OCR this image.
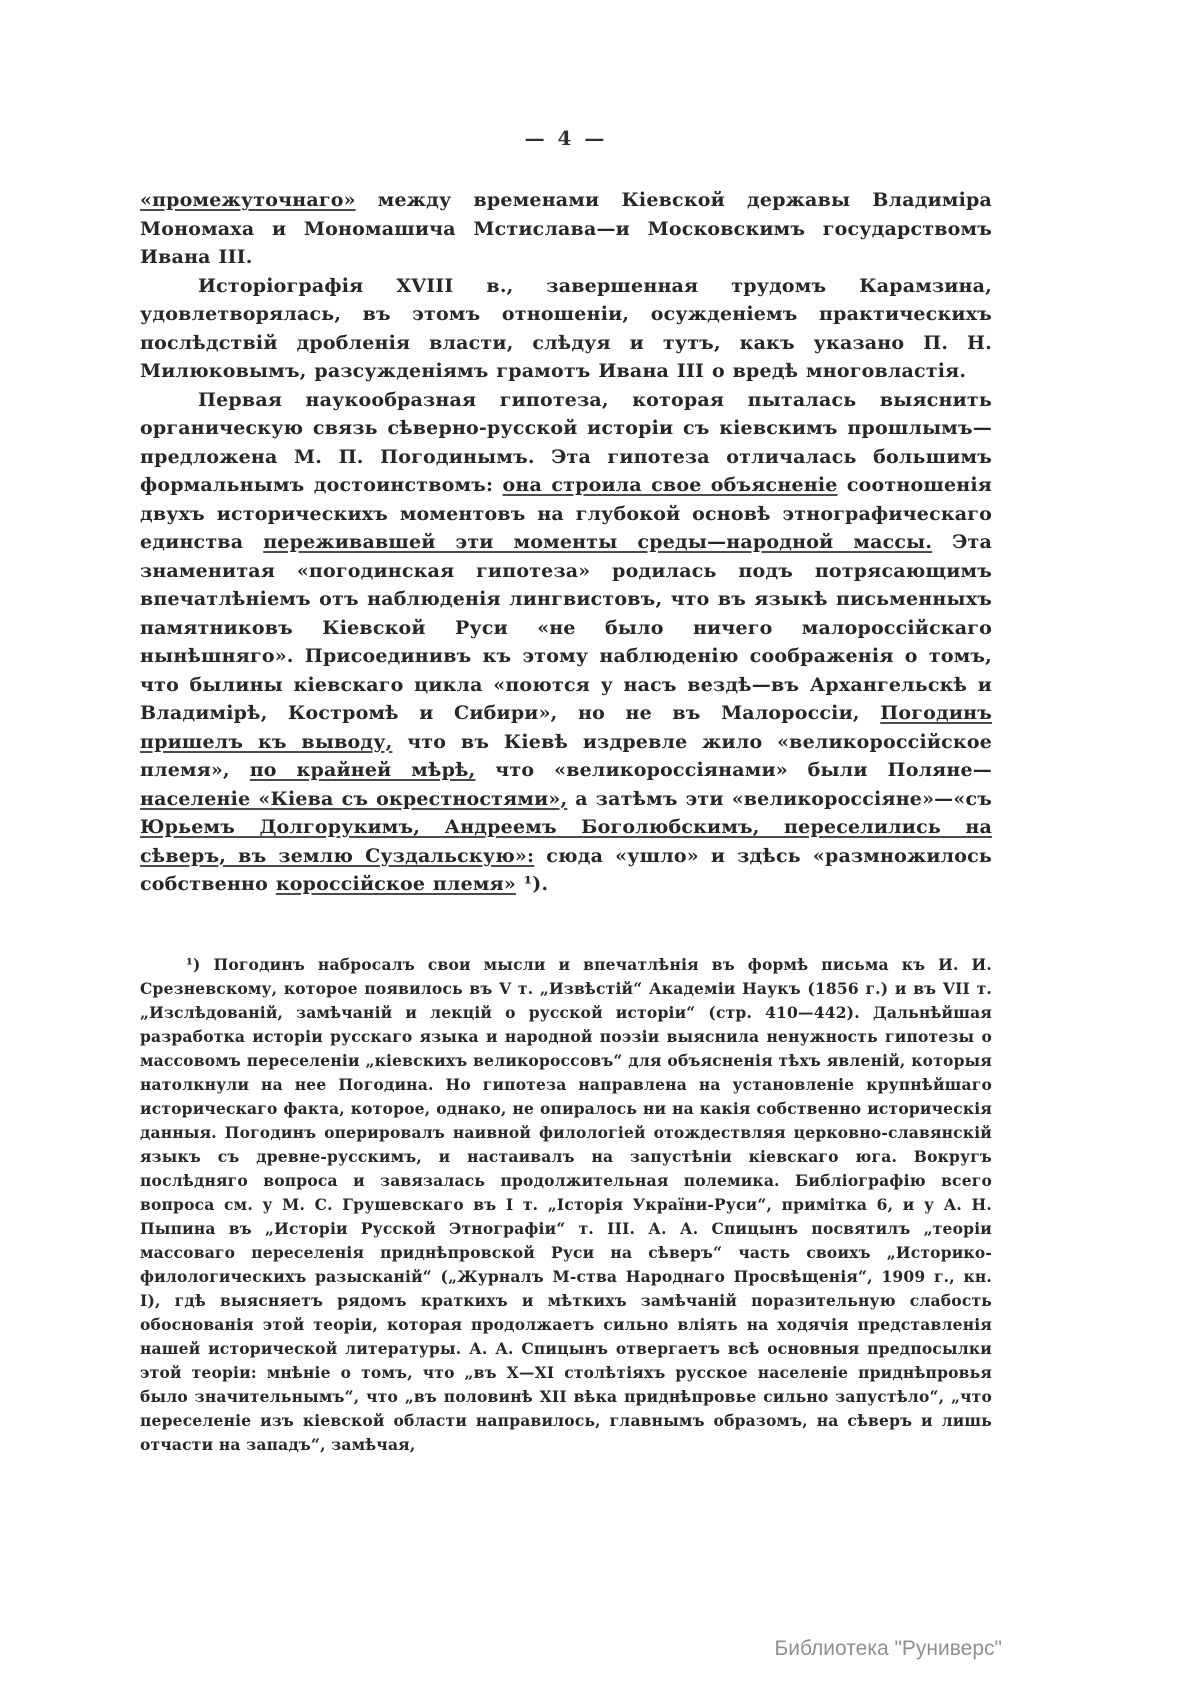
— 4 —

«промежуточнаго» между временами Кіевской державы Владиміра Мономаха и Мономашича Мстислава—и Московскимъ государствомъ Ивана III.

Исторіографія XVIII в., завершенная трудомъ Карамзина, удовлетворялась, въ этомъ отношеніи, осужденіемъ практическихъ послѣдствій дробленія власти, слѣдуя и тутъ, какъ указано П. Н. Милюковымъ, разсужденіямъ грамотъ Ивана III о вредѣ многовластія.

Первая наукообразная гипотеза, которая пыталась выяснить органическую связь сѣверно-русской исторіи съ кіевскимъ прошлымъ—предложена М. П. Погодинымъ. Эта гипотеза отличалась большимъ формальнымъ достоинствомъ: она строила свое объясненіе соотношенія двухъ историческихъ моментовъ на глубокой основѣ этнографическаго единства переживавшей эти моменты среды—народной массы. Эта знаменитая «погодинская гипотеза» родилась подъ потрясающимъ впечатлѣніемъ отъ наблюденія лингвистовъ, что въ языкѣ письменныхъ памятниковъ Кіевской Руси «не было ничего малороссійскаго нынѣшняго». Присоединивъ къ этому наблюденію соображенія о томъ, что былины кіевскаго цикла «поются у насъ вездѣ—въ Архангельскѣ и Владимірѣ, Костромѣ и Сибири», но не въ Малороссіи, Погодинъ пришелъ къ выводу, что въ Кіевѣ издревле жило «великороссійское племя», по крайней мѣрѣ, что «великороссіянами» были Поляне—населеніе «Кіева съ окрестностями», а затѣмъ эти «великороссіяне»—«съ Юрьемъ Долгорукимъ, Андреемъ Боголюбскимъ, переселились на сѣверъ, въ землю Суздальскую»: сюда «ушло» и здѣсь «размножилось собственно короссійское племя» ¹).

¹) Погодинъ набросалъ свои мысли и впечатлѣнія въ формѣ письма къ И. И. Срезневскому, которое появилось въ V т. „Извѣстій“ Академіи Наукъ (1856 г.) и въ VII т. „Изслѣдованій, замѣчаній и лекцій о русской исторіи“ (стр. 410—442). Дальнѣйшая разработка исторіи русскаго языка и народной поэзіи выяснила ненужность гипотезы о массовомъ переселеніи „кіевскихъ великороссовъ“ для объясненія тѣхъ явленій, которыя натолкнули на нее Погодина. Но гипотеза направлена на установленіе крупнѣйшаго историческаго факта, которое, однако, не опиралось ни на какія собственно историческія данныя. Погодинъ оперировалъ наивной филологіей отождествляя церковно-славянскій языкъ съ древне-русскимъ, и настаивалъ на запустѣніи кіевскаго юга. Вокругъ послѣдняго вопроса и завязалась продолжительная полемика. Библіографію всего вопроса см. у М. С. Грушевскаго въ I т. „Історія України-Руси“, примітка 6, и у А. Н. Пыпина въ „Исторіи Русской Этнографіи“ т. III. А. А. Спицынъ посвятилъ „теоріи массоваго переселенія приднѣпровской Руси на сѣверъ“ часть своихъ „Историко-филологическихъ разысканій“ („Журналъ М-ства Народнаго Просвѣщенія“, 1909 г., кн. I), гдѣ выясняетъ рядомъ краткихъ и мѣткихъ замѣчаній поразительную слабость обоснованія этой теоріи, которая продолжаетъ сильно вліять на ходячія представленія нашей исторической литературы. А. А. Спицынъ отвергаетъ всѣ основныя предпосылки этой теоріи: мнѣніе о томъ, что „въ X—XI столѣтіяхъ русское населеніе приднѣпровья было значительнымъ“, что „въ половинѣ XII вѣка приднѣпровье сильно запустѣло“, „что переселеніе изъ кіевской области направилось, главнымъ образомъ, на сѣверъ и лишь отчасти на западъ“, замѣчая,

Библиотека "Руниверс"
